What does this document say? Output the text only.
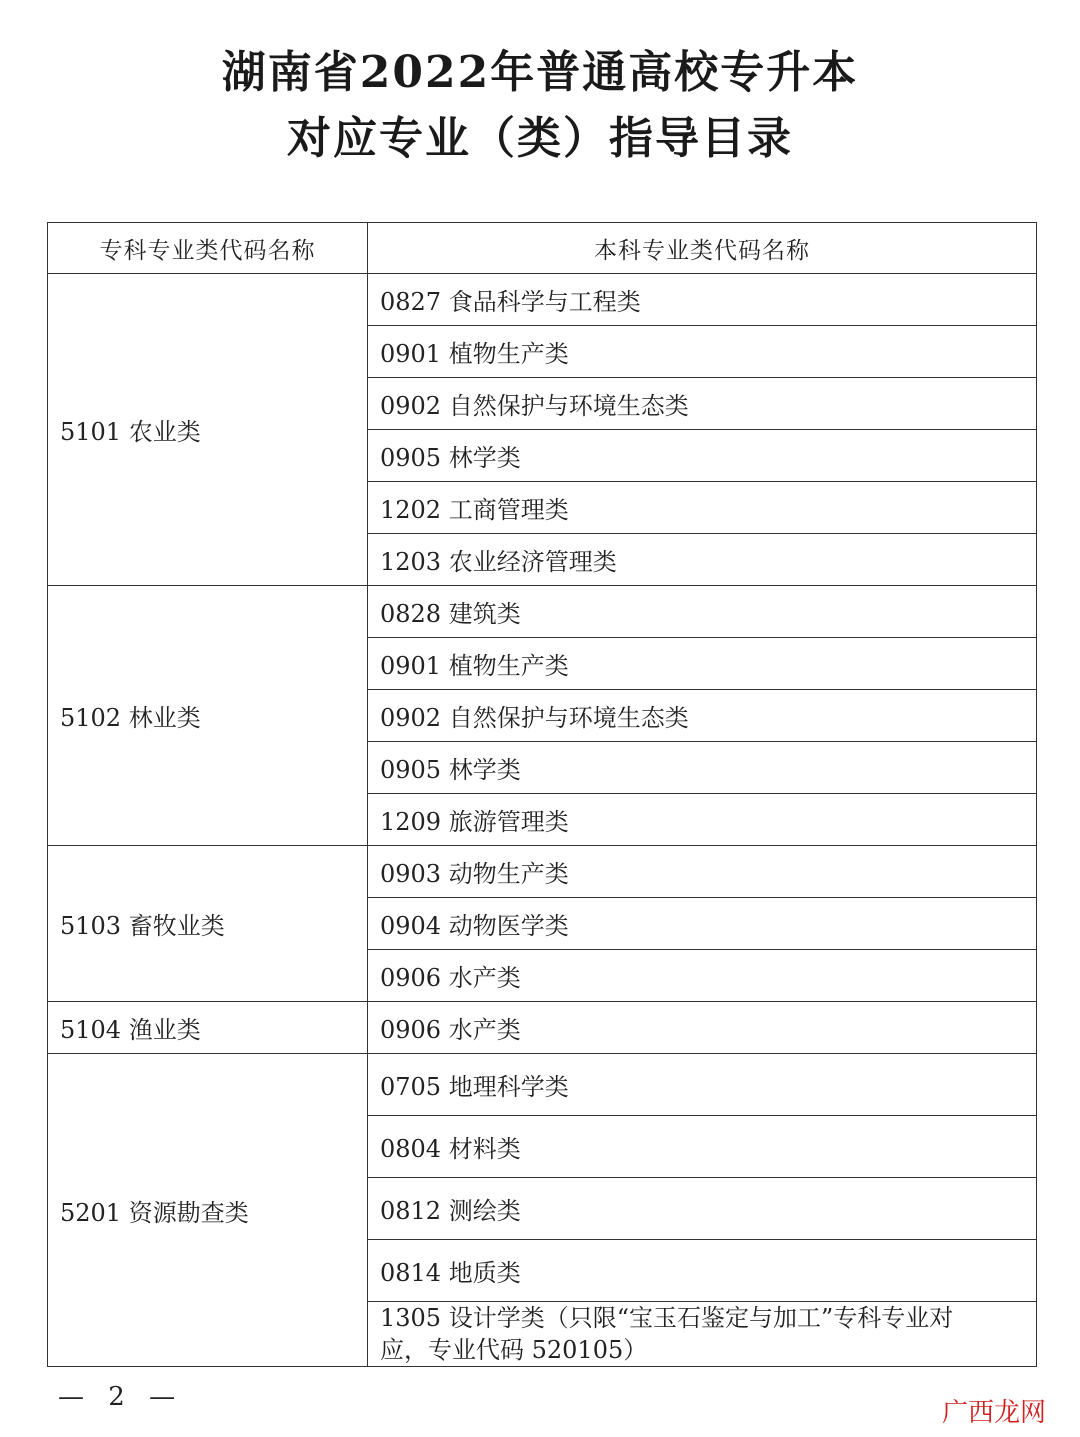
湖南省2022年普通高校专升本
对应专业（类）指导目录
专科专业类代码名称	本科专业类代码名称
5101 农业类	0827 食品科学与工程类
	0901 植物生产类
	0902 自然保护与环境生态类
	0905 林学类
	1202 工商管理类
	1203 农业经济管理类
5102 林业类	0828 建筑类
	0901 植物生产类
	0902 自然保护与环境生态类
	0905 林学类
	1209 旅游管理类
5103 畜牧业类	0903 动物生产类
	0904 动物医学类
	0906 水产类
5104 渔业类	0906 水产类
5201 资源勘查类	0705 地理科学类
	0804 材料类
	0812 测绘类
	0814 地质类
	1305 设计学类（只限“宝玉石鉴定与加工”专科专业对应，专业代码 520105）
— 2 —
广西龙网
